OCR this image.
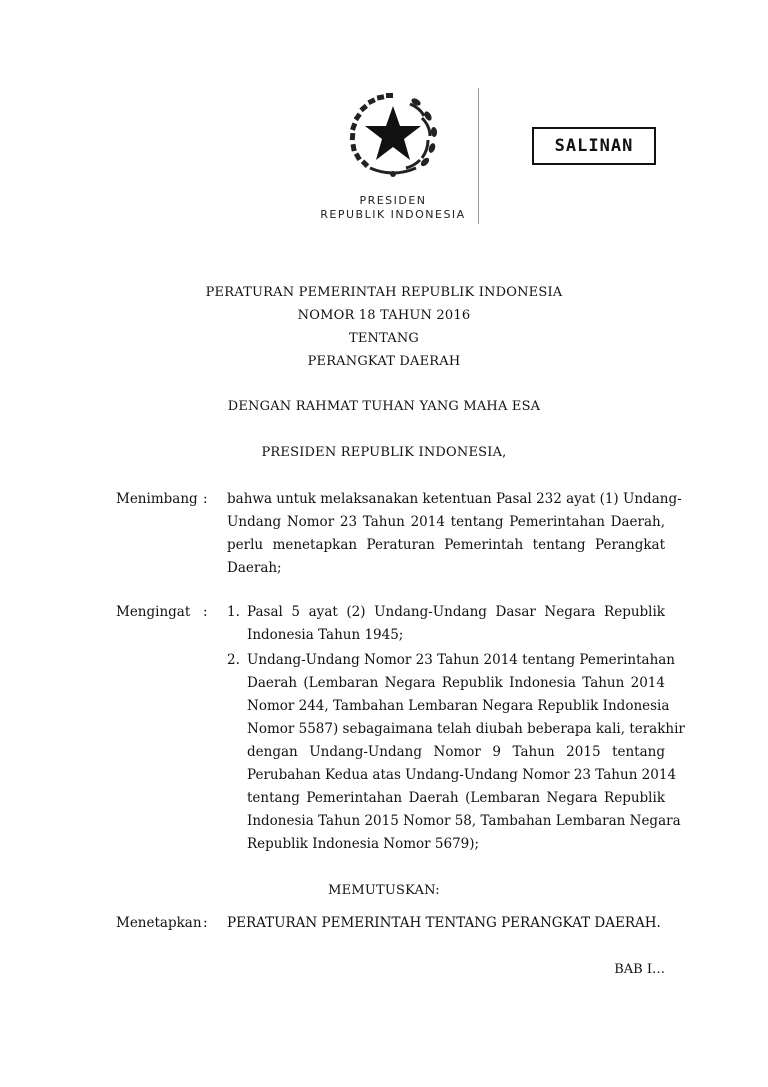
PRESIDEN
REPUBLIK INDONESIA
SALINAN
PERATURAN PEMERINTAH REPUBLIK INDONESIA
NOMOR 18 TAHUN 2016
TENTANG
PERANGKAT DAERAH
DENGAN RAHMAT TUHAN YANG MAHA ESA
PRESIDEN REPUBLIK INDONESIA,
Menimbang : bahwa untuk melaksanakan ketentuan Pasal 232 ayat (1) Undang-
Undang Nomor 23 Tahun 2014 tentang Pemerintahan Daerah,
perlu menetapkan Peraturan Pemerintah tentang Perangkat
Daerah;
Mengingat : 1. Pasal 5 ayat (2) Undang-Undang Dasar Negara Republik
Indonesia Tahun 1945;
2. Undang-Undang Nomor 23 Tahun 2014 tentang Pemerintahan
Daerah (Lembaran Negara Republik Indonesia Tahun 2014
Nomor 244, Tambahan Lembaran Negara Republik Indonesia
Nomor 5587) sebagaimana telah diubah beberapa kali, terakhir
dengan Undang-Undang Nomor 9 Tahun 2015 tentang
Perubahan Kedua atas Undang-Undang Nomor 23 Tahun 2014
tentang Pemerintahan Daerah (Lembaran Negara Republik
Indonesia Tahun 2015 Nomor 58, Tambahan Lembaran Negara
Republik Indonesia Nomor 5679);
MEMUTUSKAN:
Menetapkan : PERATURAN PEMERINTAH TENTANG PERANGKAT DAERAH.
BAB I…
